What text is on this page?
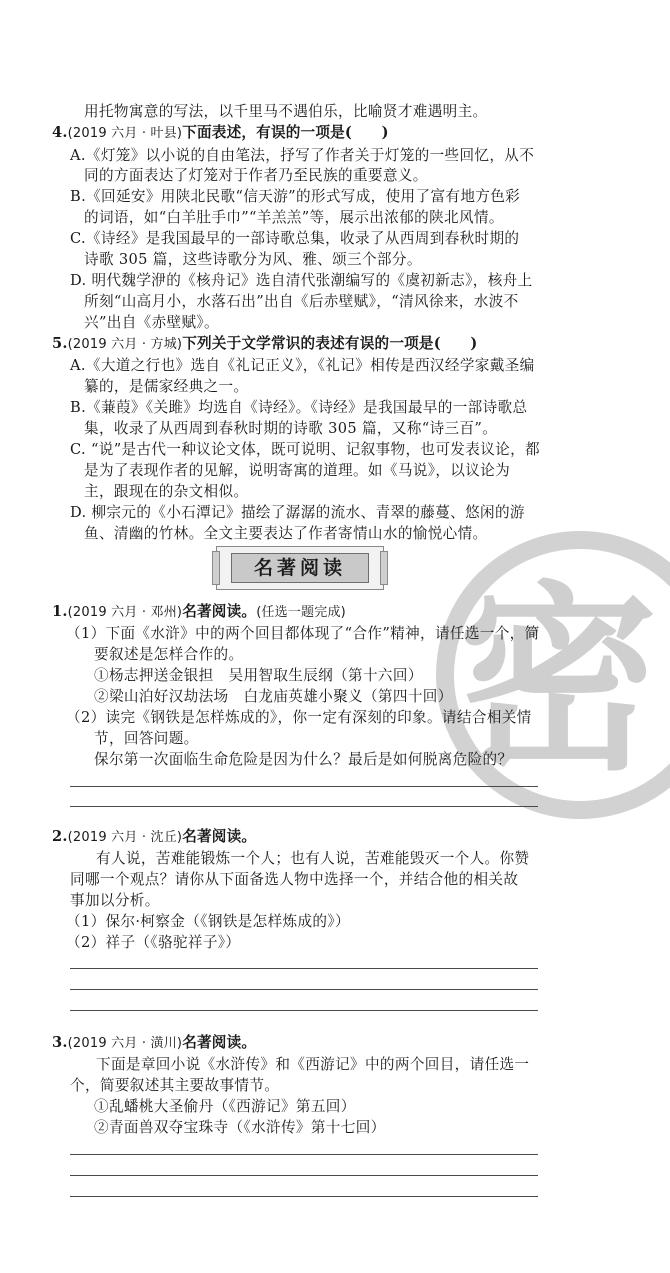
密
用托物寓意的写法，以千里马不遇伯乐，比喻贤才难遇明主。
4.(2019 六月 · 叶县)下面表述，有误的一项是(　　)
A.《灯笼》以小说的自由笔法，抒写了作者关于灯笼的一些回忆，从不
同的方面表达了灯笼对于作者乃至民族的重要意义。
B.《回延安》用陕北民歌“信天游”的形式写成，使用了富有地方色彩
的词语，如“白羊肚手巾”“羊羔羔”等，展示出浓郁的陕北风情。
C.《诗经》是我国最早的一部诗歌总集，收录了从西周到春秋时期的
诗歌 305 篇，这些诗歌分为风、雅、颂三个部分。
D. 明代魏学洢的《核舟记》选自清代张潮编写的《虞初新志》，核舟上
所刻“山高月小，水落石出”出自《后赤壁赋》，“清风徐来，水波不
兴”出自《赤壁赋》。
5.(2019 六月 · 方城)下列关于文学常识的表述有误的一项是(　　)
A.《大道之行也》选自《礼记正义》，《礼记》相传是西汉经学家戴圣编
纂的，是儒家经典之一。
B.《蒹葭》《关雎》均选自《诗经》。《诗经》是我国最早的一部诗歌总
集，收录了从西周到春秋时期的诗歌 305 篇，又称“诗三百”。
C. “说”是古代一种议论文体，既可说明、记叙事物，也可发表议论，都
是为了表现作者的见解，说明寄寓的道理。如《马说》，以议论为
主，跟现在的杂文相似。
D. 柳宗元的《小石潭记》描绘了潺潺的流水、青翠的藤蔓、悠闲的游
鱼、清幽的竹林。全文主要表达了作者寄情山水的愉悦心情。
名著阅读
1.(2019 六月 · 邓州)名著阅读。(任选一题完成)
（1）下面《水浒》中的两个回目都体现了“合作”精神，请任选一个，简
要叙述是怎样合作的。
①杨志押送金银担　吴用智取生辰纲（第十六回）
②梁山泊好汉劫法场　白龙庙英雄小聚义（第四十回）
（2）读完《钢铁是怎样炼成的》，你一定有深刻的印象。请结合相关情
节，回答问题。
保尔第一次面临生命危险是因为什么？最后是如何脱离危险的？
2.(2019 六月 · 沈丘)名著阅读。
有人说，苦难能锻炼一个人；也有人说，苦难能毁灭一个人。你赞
同哪一个观点？请你从下面备选人物中选择一个，并结合他的相关故
事加以分析。
（1）保尔·柯察金（《钢铁是怎样炼成的》）
（2）祥子（《骆驼祥子》）
3.(2019 六月 · 潢川)名著阅读。
下面是章回小说《水浒传》和《西游记》中的两个回目，请任选一
个，简要叙述其主要故事情节。
①乱蟠桃大圣偷丹（《西游记》第五回）
②青面兽双夺宝珠寺（《水浒传》第十七回）
